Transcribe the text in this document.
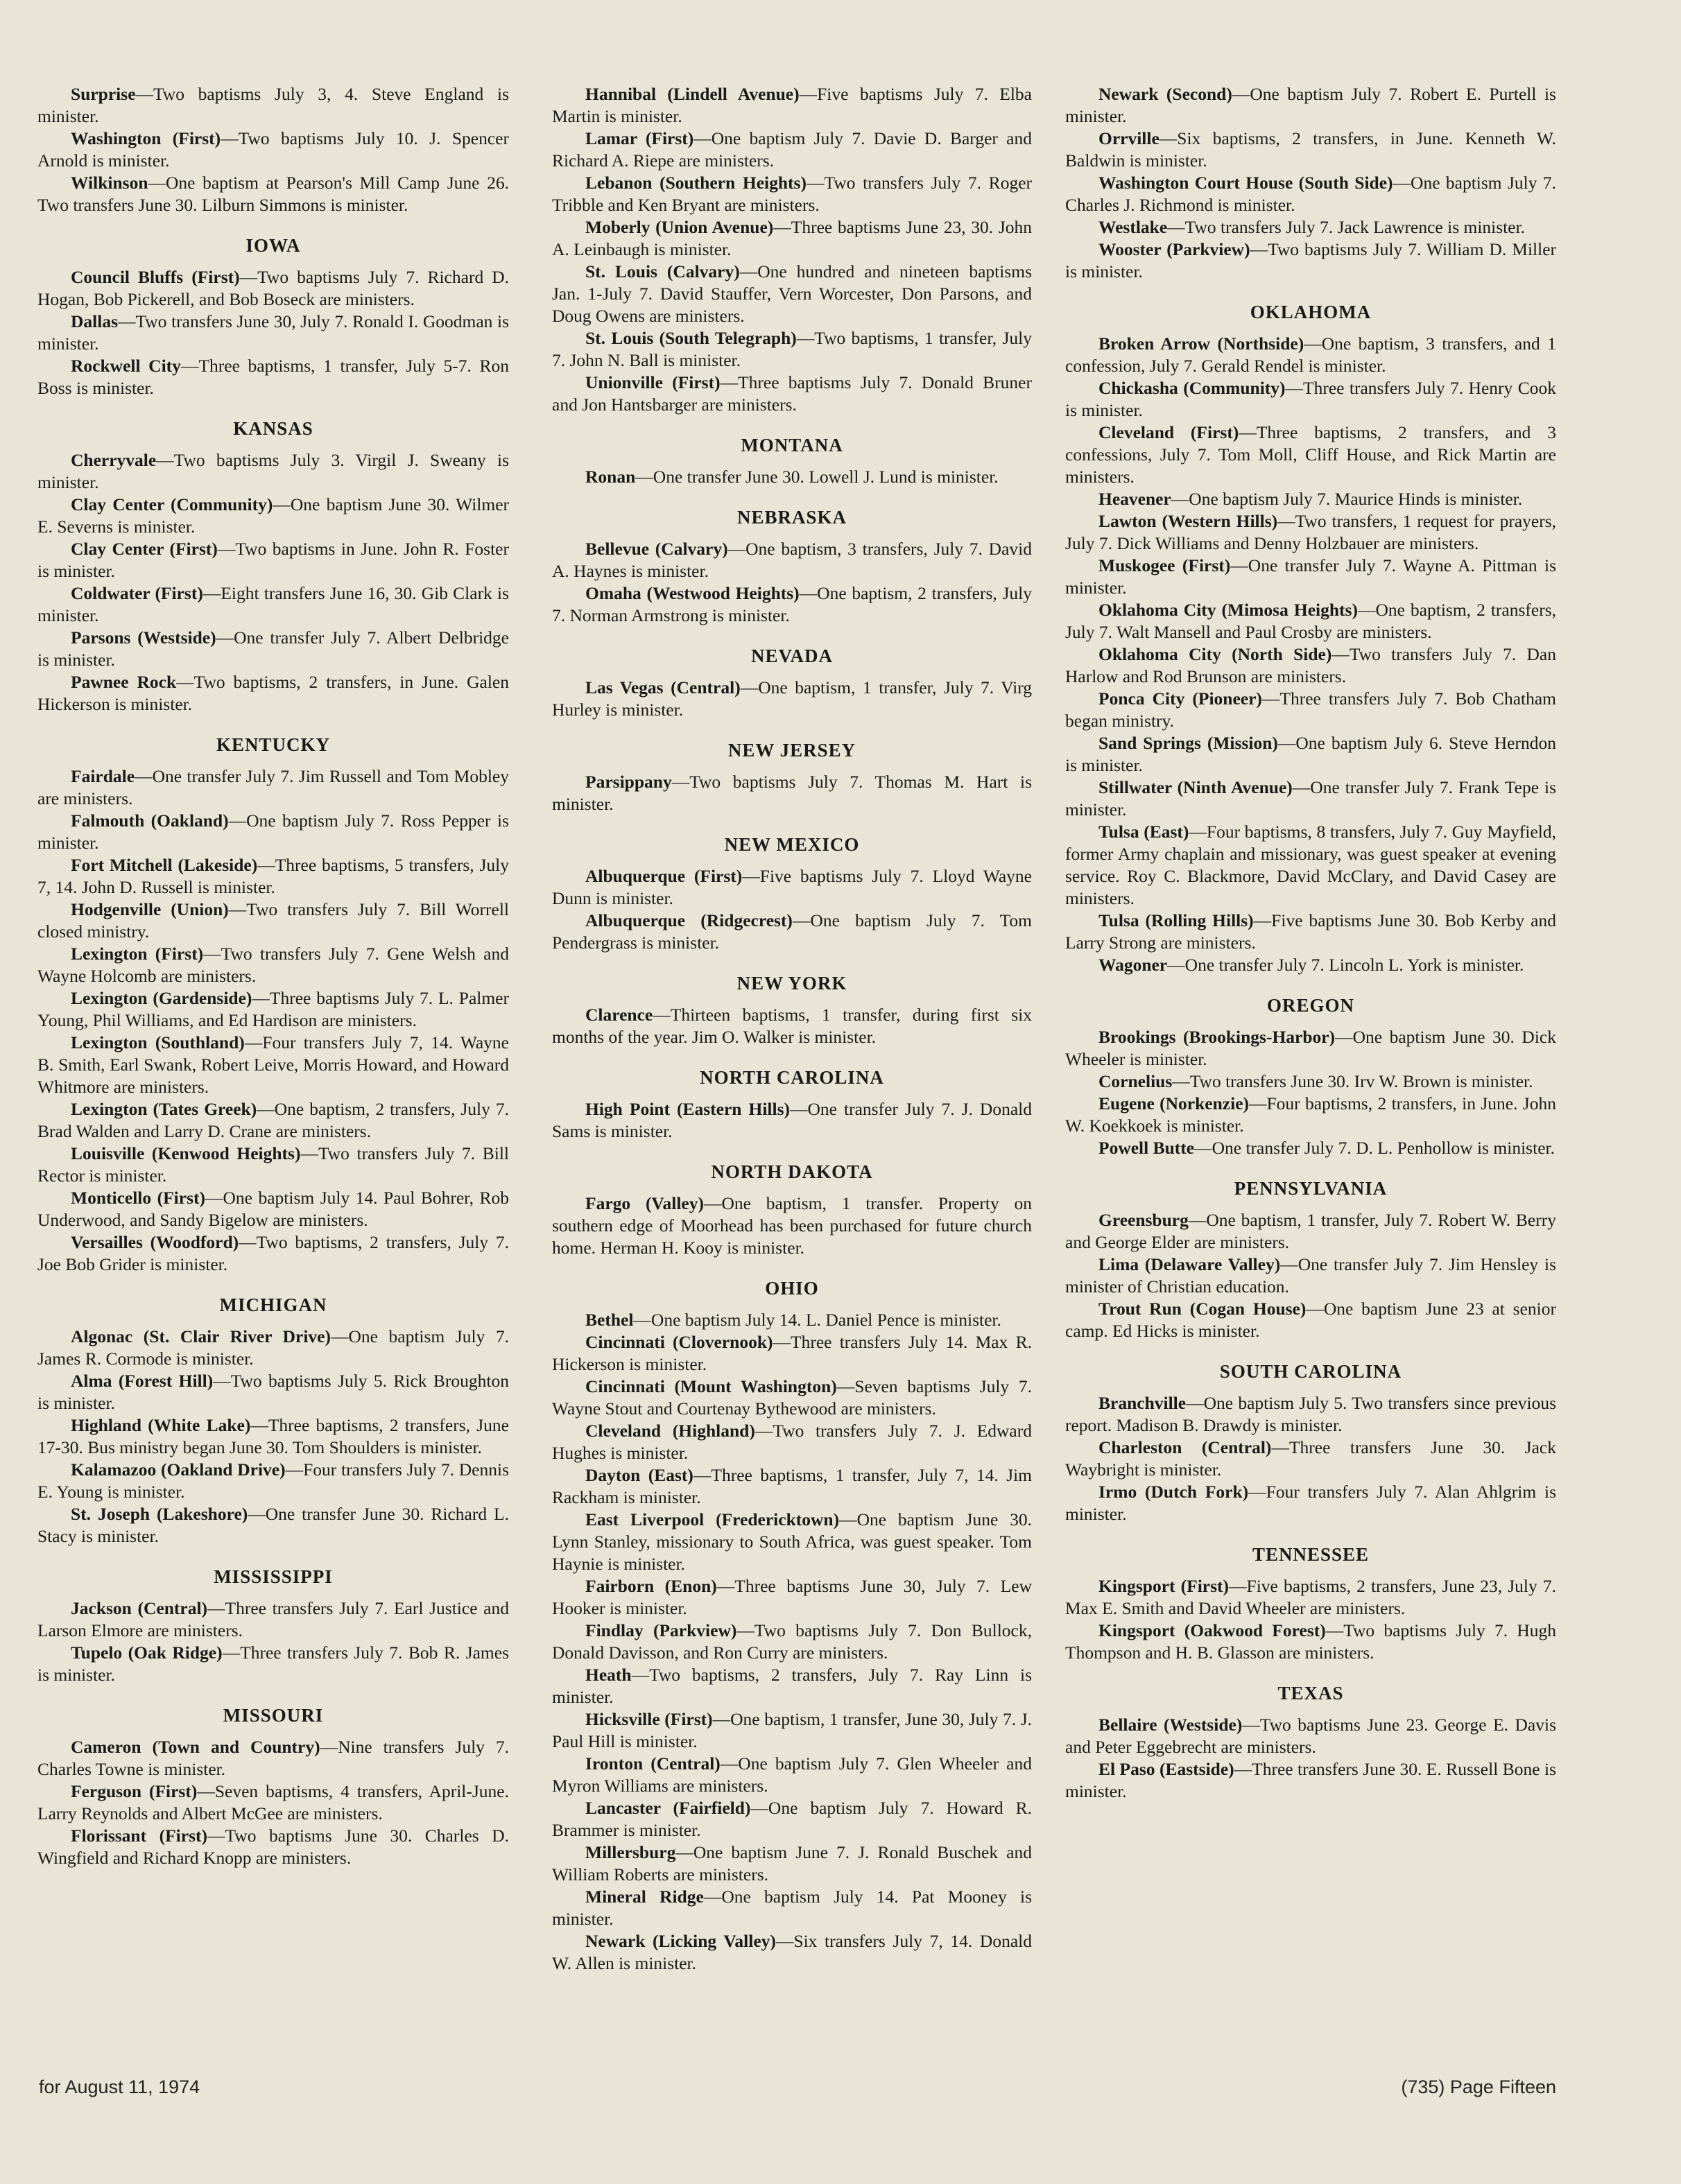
Surprise—Two baptisms July 3, 4. Steve England is minister.

Washington (First)—Two baptisms July 10. J. Spencer Arnold is minister.

Wilkinson—One baptism at Pearson's Mill Camp June 26. Two transfers June 30. Lilburn Simmons is minister.

IOWA

Council Bluffs (First)—Two baptisms July 7. Richard D. Hogan, Bob Pickerell, and Bob Boseck are ministers.

Dallas—Two transfers June 30, July 7. Ronald I. Goodman is minister.

Rockwell City—Three baptisms, 1 transfer, July 5-7. Ron Boss is minister.

KANSAS

Cherryvale—Two baptisms July 3. Virgil J. Sweany is minister.

Clay Center (Community)—One baptism June 30. Wilmer E. Severns is minister.

Clay Center (First)—Two baptisms in June. John R. Foster is minister.

Coldwater (First)—Eight transfers June 16, 30. Gib Clark is minister.

Parsons (Westside)—One transfer July 7. Albert Delbridge is minister.

Pawnee Rock—Two baptisms, 2 transfers, in June. Galen Hickerson is minister.

KENTUCKY

Fairdale—One transfer July 7. Jim Russell and Tom Mobley are ministers.

Falmouth (Oakland)—One baptism July 7. Ross Pepper is minister.

Fort Mitchell (Lakeside)—Three baptisms, 5 transfers, July 7, 14. John D. Russell is minister.

Hodgenville (Union)—Two transfers July 7. Bill Worrell closed ministry.

Lexington (First)—Two transfers July 7. Gene Welsh and Wayne Holcomb are ministers.

Lexington (Gardenside)—Three baptisms July 7. L. Palmer Young, Phil Williams, and Ed Hardison are ministers.

Lexington (Southland)—Four transfers July 7, 14. Wayne B. Smith, Earl Swank, Robert Leive, Morris Howard, and Howard Whitmore are ministers.

Lexington (Tates Greek)—One baptism, 2 transfers, July 7. Brad Walden and Larry D. Crane are ministers.

Louisville (Kenwood Heights)—Two transfers July 7. Bill Rector is minister.

Monticello (First)—One baptism July 14. Paul Bohrer, Rob Underwood, and Sandy Bigelow are ministers.

Versailles (Woodford)—Two baptisms, 2 transfers, July 7. Joe Bob Grider is minister.

MICHIGAN

Algonac (St. Clair River Drive)—One baptism July 7. James R. Cormode is minister.

Alma (Forest Hill)—Two baptisms July 5. Rick Broughton is minister.

Highland (White Lake)—Three baptisms, 2 transfers, June 17-30. Bus ministry began June 30. Tom Shoulders is minister.

Kalamazoo (Oakland Drive)—Four transfers July 7. Dennis E. Young is minister.

St. Joseph (Lakeshore)—One transfer June 30. Richard L. Stacy is minister.

MISSISSIPPI

Jackson (Central)—Three transfers July 7. Earl Justice and Larson Elmore are ministers.

Tupelo (Oak Ridge)—Three transfers July 7. Bob R. James is minister.

MISSOURI

Cameron (Town and Country)—Nine transfers July 7. Charles Towne is minister.

Ferguson (First)—Seven baptisms, 4 transfers, April-June. Larry Reynolds and Albert McGee are ministers.

Florissant (First)—Two baptisms June 30. Charles D. Wingfield and Richard Knopp are ministers.

Hannibal (Lindell Avenue)—Five baptisms July 7. Elba Martin is minister.

Lamar (First)—One baptism July 7. Davie D. Barger and Richard A. Riepe are ministers.

Lebanon (Southern Heights)—Two transfers July 7. Roger Tribble and Ken Bryant are ministers.

Moberly (Union Avenue)—Three baptisms June 23, 30. John A. Leinbaugh is minister.

St. Louis (Calvary)—One hundred and nineteen baptisms Jan. 1-July 7. David Stauffer, Vern Worcester, Don Parsons, and Doug Owens are ministers.

St. Louis (South Telegraph)—Two baptisms, 1 transfer, July 7. John N. Ball is minister.

Unionville (First)—Three baptisms July 7. Donald Bruner and Jon Hantsbarger are ministers.

MONTANA

Ronan—One transfer June 30. Lowell J. Lund is minister.

NEBRASKA

Bellevue (Calvary)—One baptism, 3 transfers, July 7. David A. Haynes is minister.

Omaha (Westwood Heights)—One baptism, 2 transfers, July 7. Norman Armstrong is minister.

NEVADA

Las Vegas (Central)—One baptism, 1 transfer, July 7. Virg Hurley is minister.

NEW JERSEY

Parsippany—Two baptisms July 7. Thomas M. Hart is minister.

NEW MEXICO

Albuquerque (First)—Five baptisms July 7. Lloyd Wayne Dunn is minister.

Albuquerque (Ridgecrest)—One baptism July 7. Tom Pendergrass is minister.

NEW YORK

Clarence—Thirteen baptisms, 1 transfer, during first six months of the year. Jim O. Walker is minister.

NORTH CAROLINA

High Point (Eastern Hills)—One transfer July 7. J. Donald Sams is minister.

NORTH DAKOTA

Fargo (Valley)—One baptism, 1 transfer. Property on southern edge of Moorhead has been purchased for future church home. Herman H. Kooy is minister.

OHIO

Bethel—One baptism July 14. L. Daniel Pence is minister.

Cincinnati (Clovernook)—Three transfers July 14. Max R. Hickerson is minister.

Cincinnati (Mount Washington)—Seven baptisms July 7. Wayne Stout and Courtenay Bythewood are ministers.

Cleveland (Highland)—Two transfers July 7. J. Edward Hughes is minister.

Dayton (East)—Three baptisms, 1 transfer, July 7, 14. Jim Rackham is minister.

East Liverpool (Fredericktown)—One baptism June 30. Lynn Stanley, missionary to South Africa, was guest speaker. Tom Haynie is minister.

Fairborn (Enon)—Three baptisms June 30, July 7. Lew Hooker is minister.

Findlay (Parkview)—Two baptisms July 7. Don Bullock, Donald Davisson, and Ron Curry are ministers.

Heath—Two baptisms, 2 transfers, July 7. Ray Linn is minister.

Hicksville (First)—One baptism, 1 transfer, June 30, July 7. J. Paul Hill is minister.

Ironton (Central)—One baptism July 7. Glen Wheeler and Myron Williams are ministers.

Lancaster (Fairfield)—One baptism July 7. Howard R. Brammer is minister.

Millersburg—One baptism June 7. J. Ronald Buschek and William Roberts are ministers.

Mineral Ridge—One baptism July 14. Pat Mooney is minister.

Newark (Licking Valley)—Six transfers July 7, 14. Donald W. Allen is minister.

Newark (Second)—One baptism July 7. Robert E. Purtell is minister.

Orrville—Six baptisms, 2 transfers, in June. Kenneth W. Baldwin is minister.

Washington Court House (South Side)—One baptism July 7. Charles J. Richmond is minister.

Westlake—Two transfers July 7. Jack Lawrence is minister.

Wooster (Parkview)—Two baptisms July 7. William D. Miller is minister.

OKLAHOMA

Broken Arrow (Northside)—One baptism, 3 transfers, and 1 confession, July 7. Gerald Rendel is minister.

Chickasha (Community)—Three transfers July 7. Henry Cook is minister.

Cleveland (First)—Three baptisms, 2 transfers, and 3 confessions, July 7. Tom Moll, Cliff House, and Rick Martin are ministers.

Heavener—One baptism July 7. Maurice Hinds is minister.

Lawton (Western Hills)—Two transfers, 1 request for prayers, July 7. Dick Williams and Denny Holzbauer are ministers.

Muskogee (First)—One transfer July 7. Wayne A. Pittman is minister.

Oklahoma City (Mimosa Heights)—One baptism, 2 transfers, July 7. Walt Mansell and Paul Crosby are ministers.

Oklahoma City (North Side)—Two transfers July 7. Dan Harlow and Rod Brunson are ministers.

Ponca City (Pioneer)—Three transfers July 7. Bob Chatham began ministry.

Sand Springs (Mission)—One baptism July 6. Steve Herndon is minister.

Stillwater (Ninth Avenue)—One transfer July 7. Frank Tepe is minister.

Tulsa (East)—Four baptisms, 8 transfers, July 7. Guy Mayfield, former Army chaplain and missionary, was guest speaker at evening service. Roy C. Blackmore, David McClary, and David Casey are ministers.

Tulsa (Rolling Hills)—Five baptisms June 30. Bob Kerby and Larry Strong are ministers.

Wagoner—One transfer July 7. Lincoln L. York is minister.

OREGON

Brookings (Brookings-Harbor)—One baptism June 30. Dick Wheeler is minister.

Cornelius—Two transfers June 30. Irv W. Brown is minister.

Eugene (Norkenzie)—Four baptisms, 2 transfers, in June. John W. Koekkoek is minister.

Powell Butte—One transfer July 7. D. L. Penhollow is minister.

PENNSYLVANIA

Greensburg—One baptism, 1 transfer, July 7. Robert W. Berry and George Elder are ministers.

Lima (Delaware Valley)—One transfer July 7. Jim Hensley is minister of Christian education.

Trout Run (Cogan House)—One baptism June 23 at senior camp. Ed Hicks is minister.

SOUTH CAROLINA

Branchville—One baptism July 5. Two transfers since previous report. Madison B. Drawdy is minister.

Charleston (Central)—Three transfers June 30. Jack Waybright is minister.

Irmo (Dutch Fork)—Four transfers July 7. Alan Ahlgrim is minister.

TENNESSEE

Kingsport (First)—Five baptisms, 2 transfers, June 23, July 7. Max E. Smith and David Wheeler are ministers.

Kingsport (Oakwood Forest)—Two baptisms July 7. Hugh Thompson and H. B. Glasson are ministers.

TEXAS

Bellaire (Westside)—Two baptisms June 23. George E. Davis and Peter Eggebrecht are ministers.

El Paso (Eastside)—Three transfers June 30. E. Russell Bone is minister.

for August 11, 1974	(735) Page Fifteen
